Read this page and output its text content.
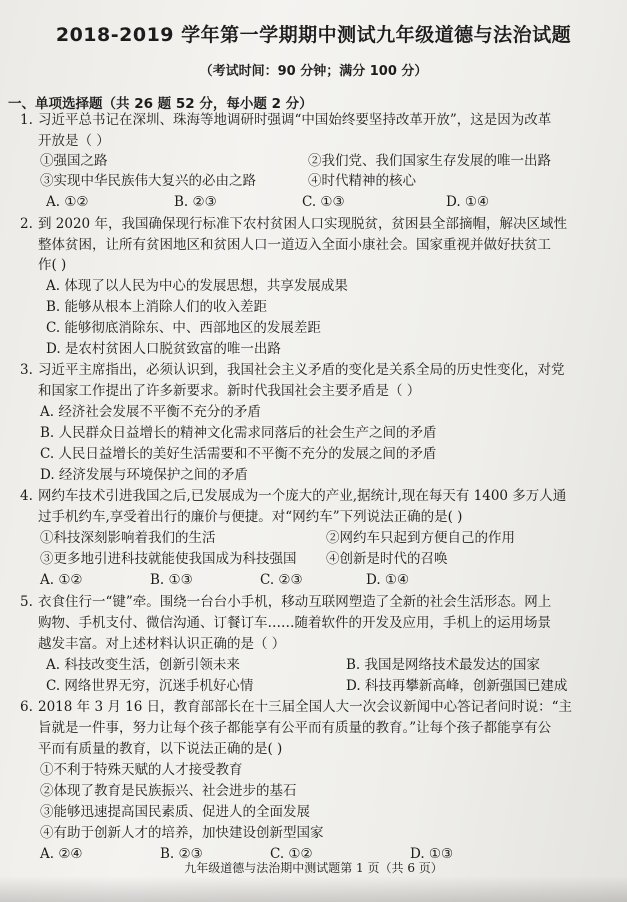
2018-2019 学年第一学期期中测试九年级道德与法治试题
（考试时间：90 分钟；满分 100 分）
一、单项选择题（共 26 题 52 分，每小题 2 分）
1. 习近平总书记在深圳、珠海等地调研时强调“中国始终要坚持改革开放”，这是因为改革
开放是（ ）
①强国之路	②我们党、我们国家生存发展的唯一出路
③实现中华民族伟大复兴的必由之路	④时代精神的核心
A. ①②	B. ②③	C. ①③	D. ①④
2. 到 2020 年，我国确保现行标准下农村贫困人口实现脱贫，贫困县全部摘帽，解决区域性
整体贫困，让所有贫困地区和贫困人口一道迈入全面小康社会。国家重视并做好扶贫工
作( )
A. 体现了以人民为中心的发展思想，共享发展成果
B. 能够从根本上消除人们的收入差距
C. 能够彻底消除东、中、西部地区的发展差距
D. 是农村贫困人口脱贫致富的唯一出路
3. 习近平主席指出，必须认识到，我国社会主义矛盾的变化是关系全局的历史性变化，对党
和国家工作提出了许多新要求。新时代我国社会主要矛盾是（ ）
A. 经济社会发展不平衡不充分的矛盾
B. 人民群众日益增长的精神文化需求同落后的社会生产之间的矛盾
C. 人民日益增长的美好生活需要和不平衡不充分的发展之间的矛盾
D. 经济发展与环境保护之间的矛盾
4. 网约车技术引进我国之后,已发展成为一个庞大的产业,据统计,现在每天有 1400 多万人通
过手机约车,享受着出行的廉价与便捷。对“网约车”下列说法正确的是( )
①科技深刻影响着我们的生活	②网约车只起到方便自己的作用
③更多地引进科技就能使我国成为科技强国 ④创新是时代的召唤
A. ①②	B. ①③	C. ②③	D. ①④
5. 衣食住行一“键”牵。围绕一台台小手机，移动互联网塑造了全新的社会生活形态。网上
购物、手机支付、微信沟通、订餐订车……随着软件的开发及应用，手机上的运用场景
越发丰富。对上述材料认识正确的是（ ）
A. 科技改变生活，创新引领未来	B. 我国是网络技术最发达的国家
C. 网络世界无穷，沉迷手机好心情	D. 科技再攀新高峰，创新强国已建成
6. 2018 年 3 月 16 日，教育部部长在十三届全国人大一次会议新闻中心答记者问时说：“主
旨就是一件事，努力让每个孩子都能享有公平而有质量的教育。”让每个孩子都能享有公
平而有质量的教育，以下说法正确的是( )
①不利于特殊天赋的人才接受教育
②体现了教育是民族振兴、社会进步的基石
③能够迅速提高国民素质、促进人的全面发展
④有助于创新人才的培养，加快建设创新型国家
A. ②④	B. ②③	C. ①②	D. ①③
九年级道德与法治期中测试题第 1 页（共 6 页）
